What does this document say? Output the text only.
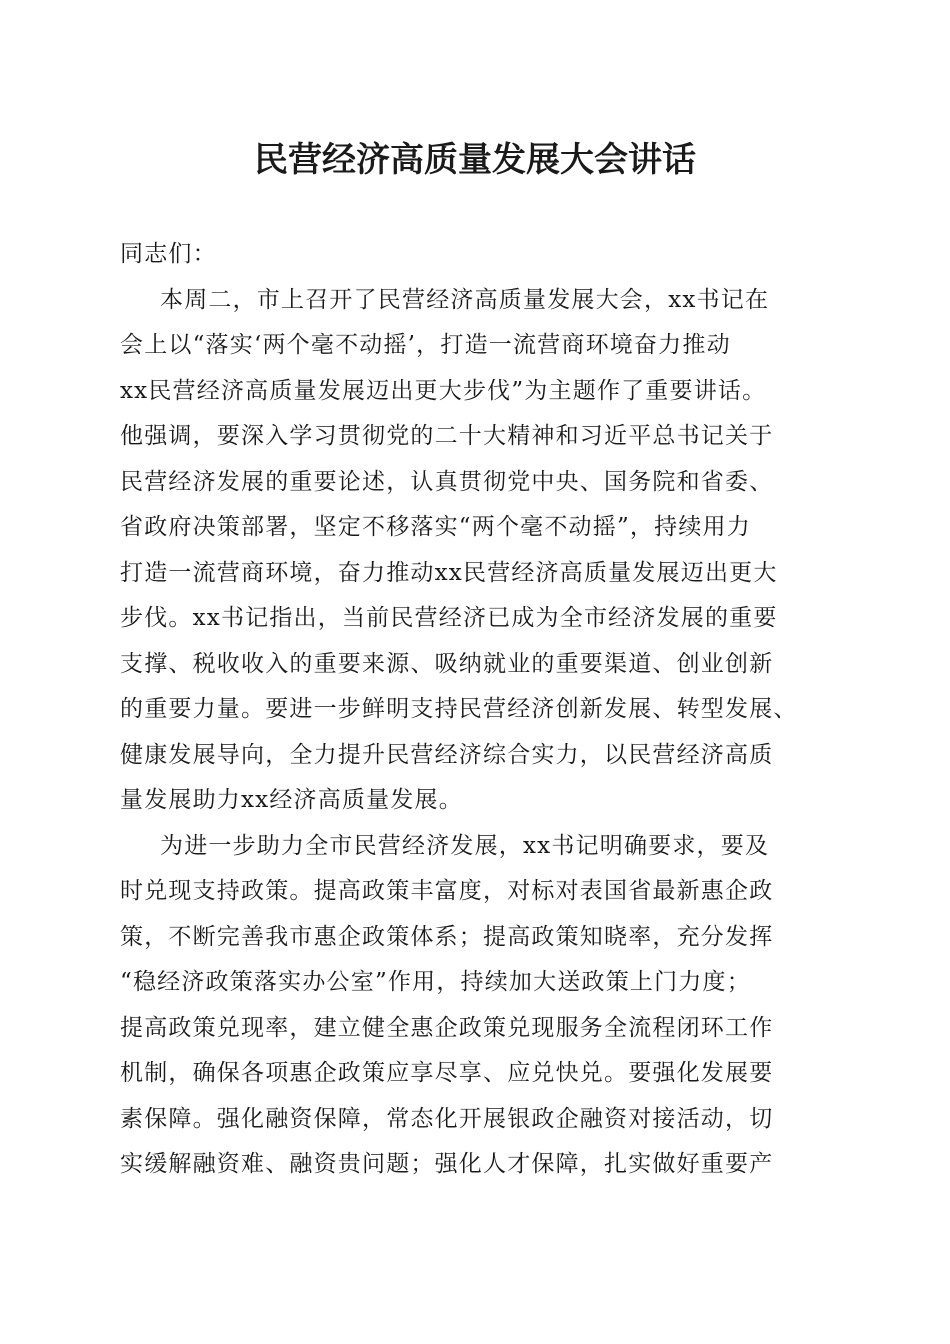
民营经济高质量发展大会讲话

同志们：

本周二，市上召开了民营经济高质量发展大会，xx书记在

会上以“落实‘两个毫不动摇’，打造一流营商环境奋力推动

xx民营经济高质量发展迈出更大步伐”为主题作了重要讲话。

他强调，要深入学习贯彻党的二十大精神和习近平总书记关于

民营经济发展的重要论述，认真贯彻党中央、国务院和省委、

省政府决策部署，坚定不移落实“两个毫不动摇”，持续用力

打造一流营商环境，奋力推动xx民营经济高质量发展迈出更大

步伐。xx书记指出，当前民营经济已成为全市经济发展的重要

支撑、税收收入的重要来源、吸纳就业的重要渠道、创业创新

的重要力量。要进一步鲜明支持民营经济创新发展、转型发展、

健康发展导向，全力提升民营经济综合实力，以民营经济高质

量发展助力xx经济高质量发展。

为进一步助力全市民营经济发展，xx书记明确要求，要及

时兑现支持政策。提高政策丰富度，对标对表国省最新惠企政

策，不断完善我市惠企政策体系；提高政策知晓率，充分发挥

“稳经济政策落实办公室”作用，持续加大送政策上门力度；

提高政策兑现率，建立健全惠企政策兑现服务全流程闭环工作

机制，确保各项惠企政策应享尽享、应兑快兑。要强化发展要

素保障。强化融资保障，常态化开展银政企融资对接活动，切

实缓解融资难、融资贵问题；强化人才保障，扎实做好重要产
